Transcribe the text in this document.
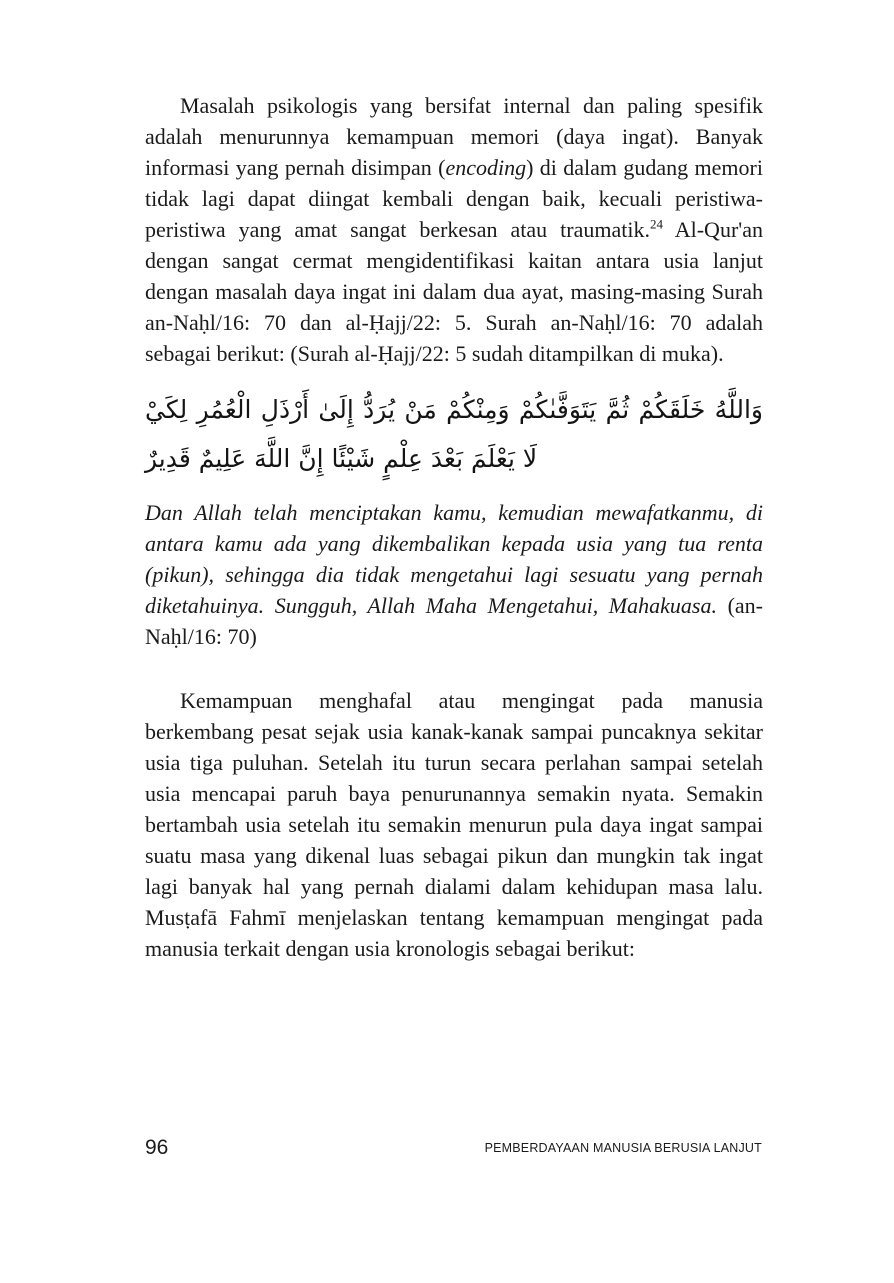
Masalah psikologis yang bersifat internal dan paling spesifik adalah menurunnya kemampuan memori (daya ingat). Banyak informasi yang pernah disimpan (encoding) di dalam gudang memori tidak lagi dapat diingat kembali dengan baik, kecuali peristiwa-peristiwa yang amat sangat berkesan atau traumatik.$^{24}$ Al-Qur'an dengan sangat cermat mengidentifikasi kaitan antara usia lanjut dengan masalah daya ingat ini dalam dua ayat, masing-masing Surah an-Naḥl/16: 70 dan al-Ḥajj/22: 5. Surah an-Naḥl/16: 70 adalah sebagai berikut: (Surah al-Ḥajj/22: 5 sudah ditampilkan di muka).

وَاللَّهُ خَلَقَكُمْ ثُمَّ يَتَوَفَّىٰكُمْ وَمِنْكُمْ مَنْ يُرَدُّ إِلَىٰ أَرْذَلِ الْعُمُرِ لِكَيْ لَا يَعْلَمَ بَعْدَ عِلْمٍ شَيْئًا إِنَّ اللَّهَ عَلِيمٌ قَدِيرٌ

Dan Allah telah menciptakan kamu, kemudian mewafatkanmu, di antara kamu ada yang dikembalikan kepada usia yang tua renta (pikun), sehingga dia tidak mengetahui lagi sesuatu yang pernah diketahuinya. Sungguh, Allah Maha Mengetahui, Mahakuasa. (an-Naḥl/16: 70)

Kemampuan menghafal atau mengingat pada manusia berkembang pesat sejak usia kanak-kanak sampai puncaknya sekitar usia tiga puluhan. Setelah itu turun secara perlahan sampai setelah usia mencapai paruh baya penurunannya semakin nyata. Semakin bertambah usia setelah itu semakin menurun pula daya ingat sampai suatu masa yang dikenal luas sebagai pikun dan mungkin tak ingat lagi banyak hal yang pernah dialami dalam kehidupan masa lalu. Musṭafā Fahmī menjelaskan tentang kemampuan mengingat pada manusia terkait dengan usia kronologis sebagai berikut:

96	PEMBERDAYAAN MANUSIA BERUSIA LANJUT
